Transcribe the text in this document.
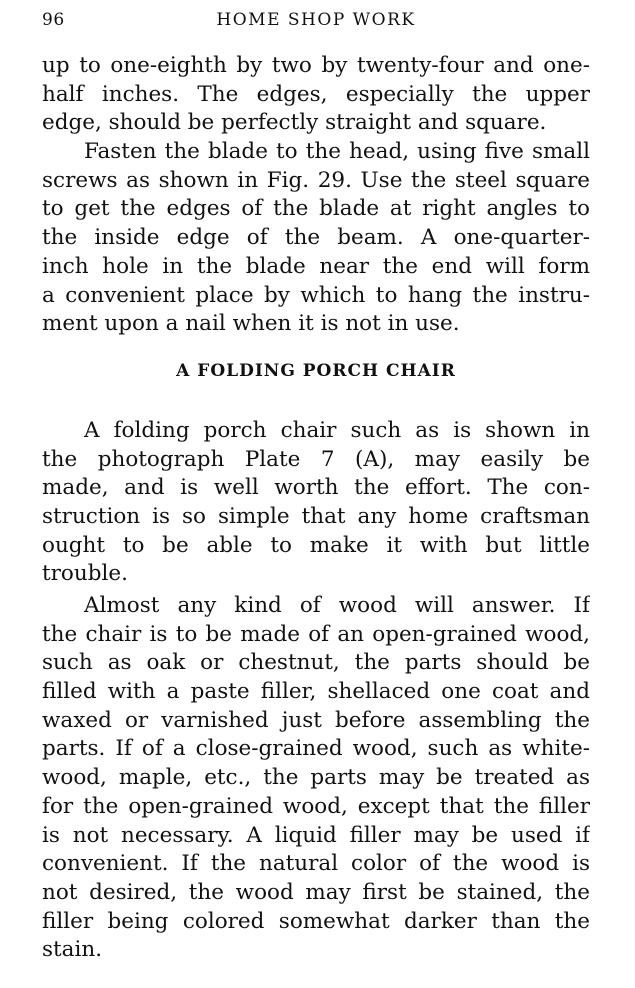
96	HOME SHOP WORK
up to one-eighth by two by twenty-four and one-
half inches. The edges, especially the upper
edge, should be perfectly straight and square.
Fasten the blade to the head, using five small
screws as shown in Fig. 29. Use the steel square
to get the edges of the blade at right angles to
the inside edge of the beam. A one-quarter-
inch hole in the blade near the end will form
a convenient place by which to hang the instru-
ment upon a nail when it is not in use.
A FOLDING PORCH CHAIR
A folding porch chair such as is shown in
the photograph Plate 7 (A), may easily be
made, and is well worth the effort. The con-
struction is so simple that any home craftsman
ought to be able to make it with but little
trouble.
Almost any kind of wood will answer. If
the chair is to be made of an open-grained wood,
such as oak or chestnut, the parts should be
filled with a paste filler, shellaced one coat and
waxed or varnished just before assembling the
parts. If of a close-grained wood, such as white-
wood, maple, etc., the parts may be treated as
for the open-grained wood, except that the filler
is not necessary. A liquid filler may be used if
convenient. If the natural color of the wood is
not desired, the wood may first be stained, the
filler being colored somewhat darker than the
stain.
